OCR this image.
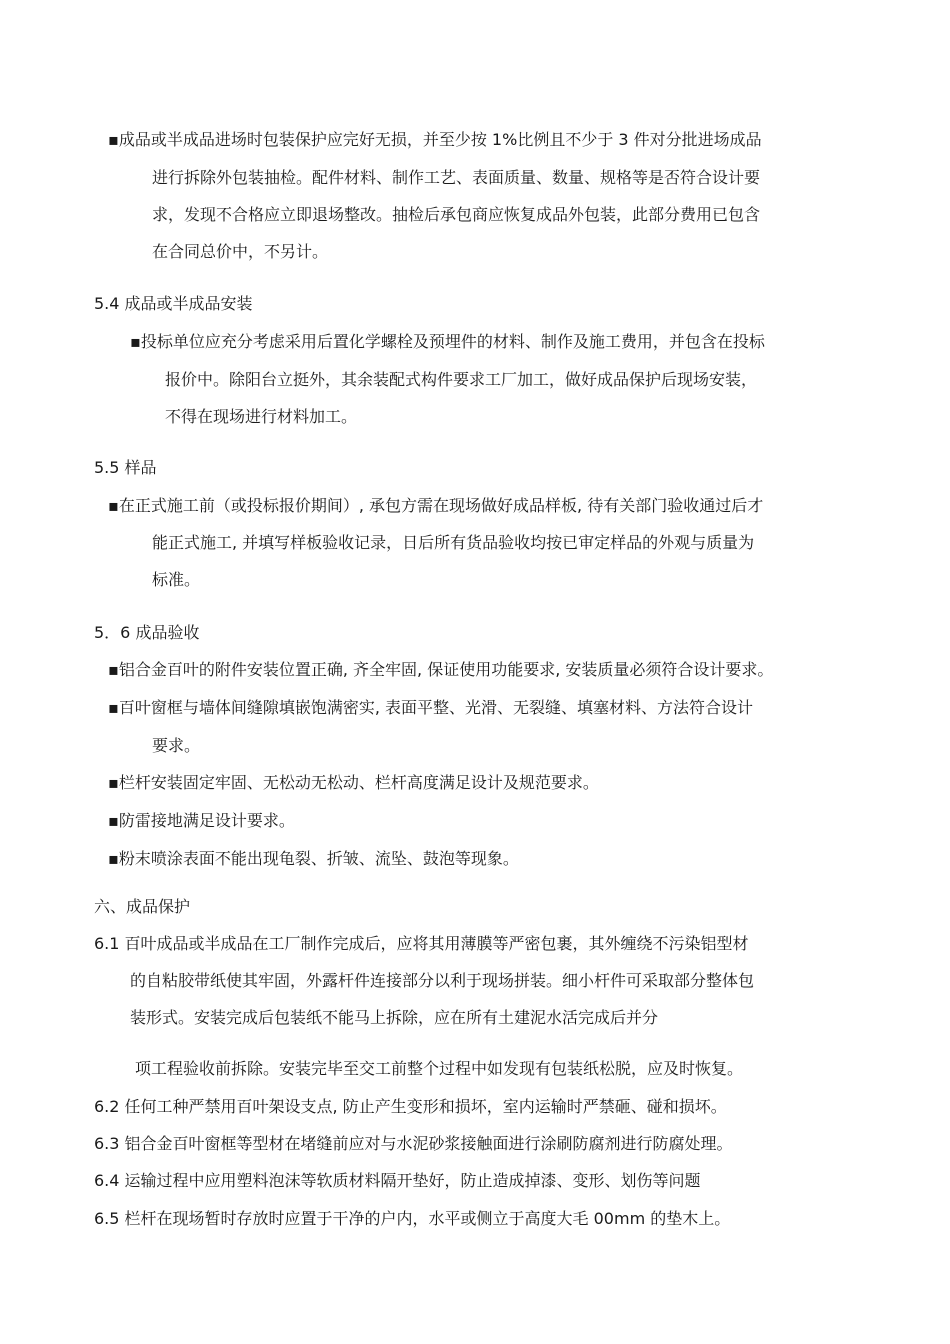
▪成品或半成品进场时包装保护应完好无损，并至少按 1%比例且不少于 3 件对分批进场成品
进行拆除外包装抽检。配件材料、制作工艺、表面质量、数量、规格等是否符合设计要
求，发现不合格应立即退场整改。抽检后承包商应恢复成品外包装，此部分费用已包含
在合同总价中，不另计。
5.4 成品或半成品安装
▪投标单位应充分考虑采用后置化学螺栓及预埋件的材料、制作及施工费用，并包含在投标
报价中。除阳台立挺外，其余装配式构件要求工厂加工，做好成品保护后现场安装，
不得在现场进行材料加工。
5.5 样品
▪在正式施工前（或投标报价期间）, 承包方需在现场做好成品样板, 待有关部门验收通过后才
能正式施工, 并填写样板验收记录，日后所有货品验收均按已审定样品的外观与质量为
标准。
5．6 成品验收
▪铝合金百叶的附件安装位置正确, 齐全牢固, 保证使用功能要求, 安装质量必须符合设计要求。
▪百叶窗框与墙体间缝隙填嵌饱满密实, 表面平整、光滑、无裂缝、填塞材料、方法符合设计
要求。
▪栏杆安装固定牢固、无松动无松动、栏杆高度满足设计及规范要求。
▪防雷接地满足设计要求。
▪粉末喷涂表面不能出现龟裂、折皱、流坠、鼓泡等现象。
六、成品保护
6.1 百叶成品或半成品在工厂制作完成后，应将其用薄膜等严密包裹，其外缠绕不污染铝型材
的自粘胶带纸使其牢固，外露杆件连接部分以利于现场拼装。细小杆件可采取部分整体包
装形式。安装完成后包装纸不能马上拆除，应在所有土建泥水活完成后并分
项工程验收前拆除。安装完毕至交工前整个过程中如发现有包装纸松脱，应及时恢复。
6.2 任何工种严禁用百叶架设支点, 防止产生变形和损坏，室内运输时严禁砸、碰和损坏。
6.3 铝合金百叶窗框等型材在堵缝前应对与水泥砂浆接触面进行涂刷防腐剂进行防腐处理。
6.4 运输过程中应用塑料泡沫等软质材料隔开垫好，防止造成掉漆、变形、划伤等问题
6.5 栏杆在现场暂时存放时应置于干净的户内，水平或侧立于高度大毛 00mm 的垫木上。
